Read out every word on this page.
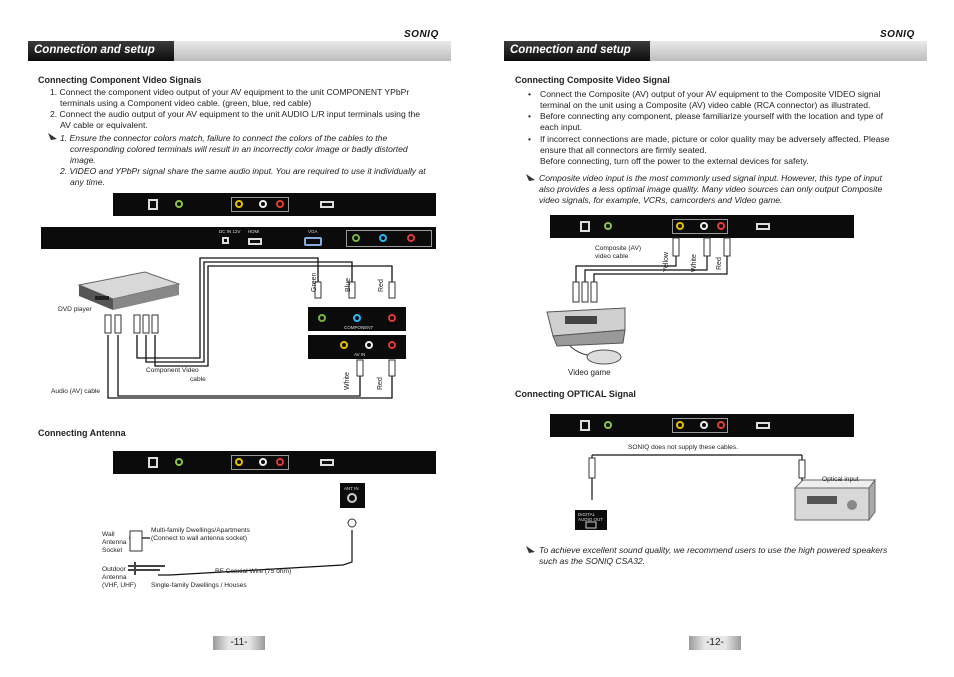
Connection and setup
SONIQ
Connecting Component Video Signais
1. Connect the component video output of your AV equipment to the unit COMPONENT YPbPr
terminals using a Component video cable. (green, blue, red cable)
2. Connect the audio output of your AV equipment to the unit AUDIO L/R input terminals using the
AV cable or equivalent.
1. Ensure the connector colors match, failure to connect the colors of the cables to the
corresponding colored terminals will result in an incorrectly color image or badly distorted
image.
2. VIDEO and YPbPr signal share the same audio input. You are required to use it individually at
any time.
DC IN 12V HDMI	VGA
COMPONENT
AV IN
Green	Blue	Red
White	Red
DVD player
Component Video
cable
Audio (AV) cable
Connecting Antenna
ANT IN
Wall
Antenna
Socket
Multi-family Dwellings/Apartments
(Connect to wall antenna socket)
Outdoor
Antenna
(VHF, UHF)
RF Coaxial Wire (75 ohm)
Single-family Dwellings / Houses
-11-
Connection and setup
SONIQ
Connecting Composite Video Signal
• Connect the Composite (AV) output of your AV equipment to the Composite VIDEO signal
terminal on the unit using a Composite (AV) video cable (RCA connector) as illustrated.
• Before connecting any component, please familiarize yourself with the location and type of
each input.
• If incorrect connections are made, picture or color quality may be adversely affected. Please
ensure that all connectors are firmly seated.
Before connecting, turn off the power to the external devices for safety.
Composite video input is the most commonly used signal input. However, this type of input
also provides a less optimal image quality. Many video sources can only output Composite
video signals, for example, VCRs, camcorders and Video game.
Composite (AV)
video cable	Yellow	White	Red
Video game
Connecting OPTICAL Signal
SONIQ does not supply these cables.
Optical input
DIGITAL AUDIO OUT
To achieve excellent sound quality, we recommend users to use the high powered speakers
such as the SONIQ CSA32.
-12-
